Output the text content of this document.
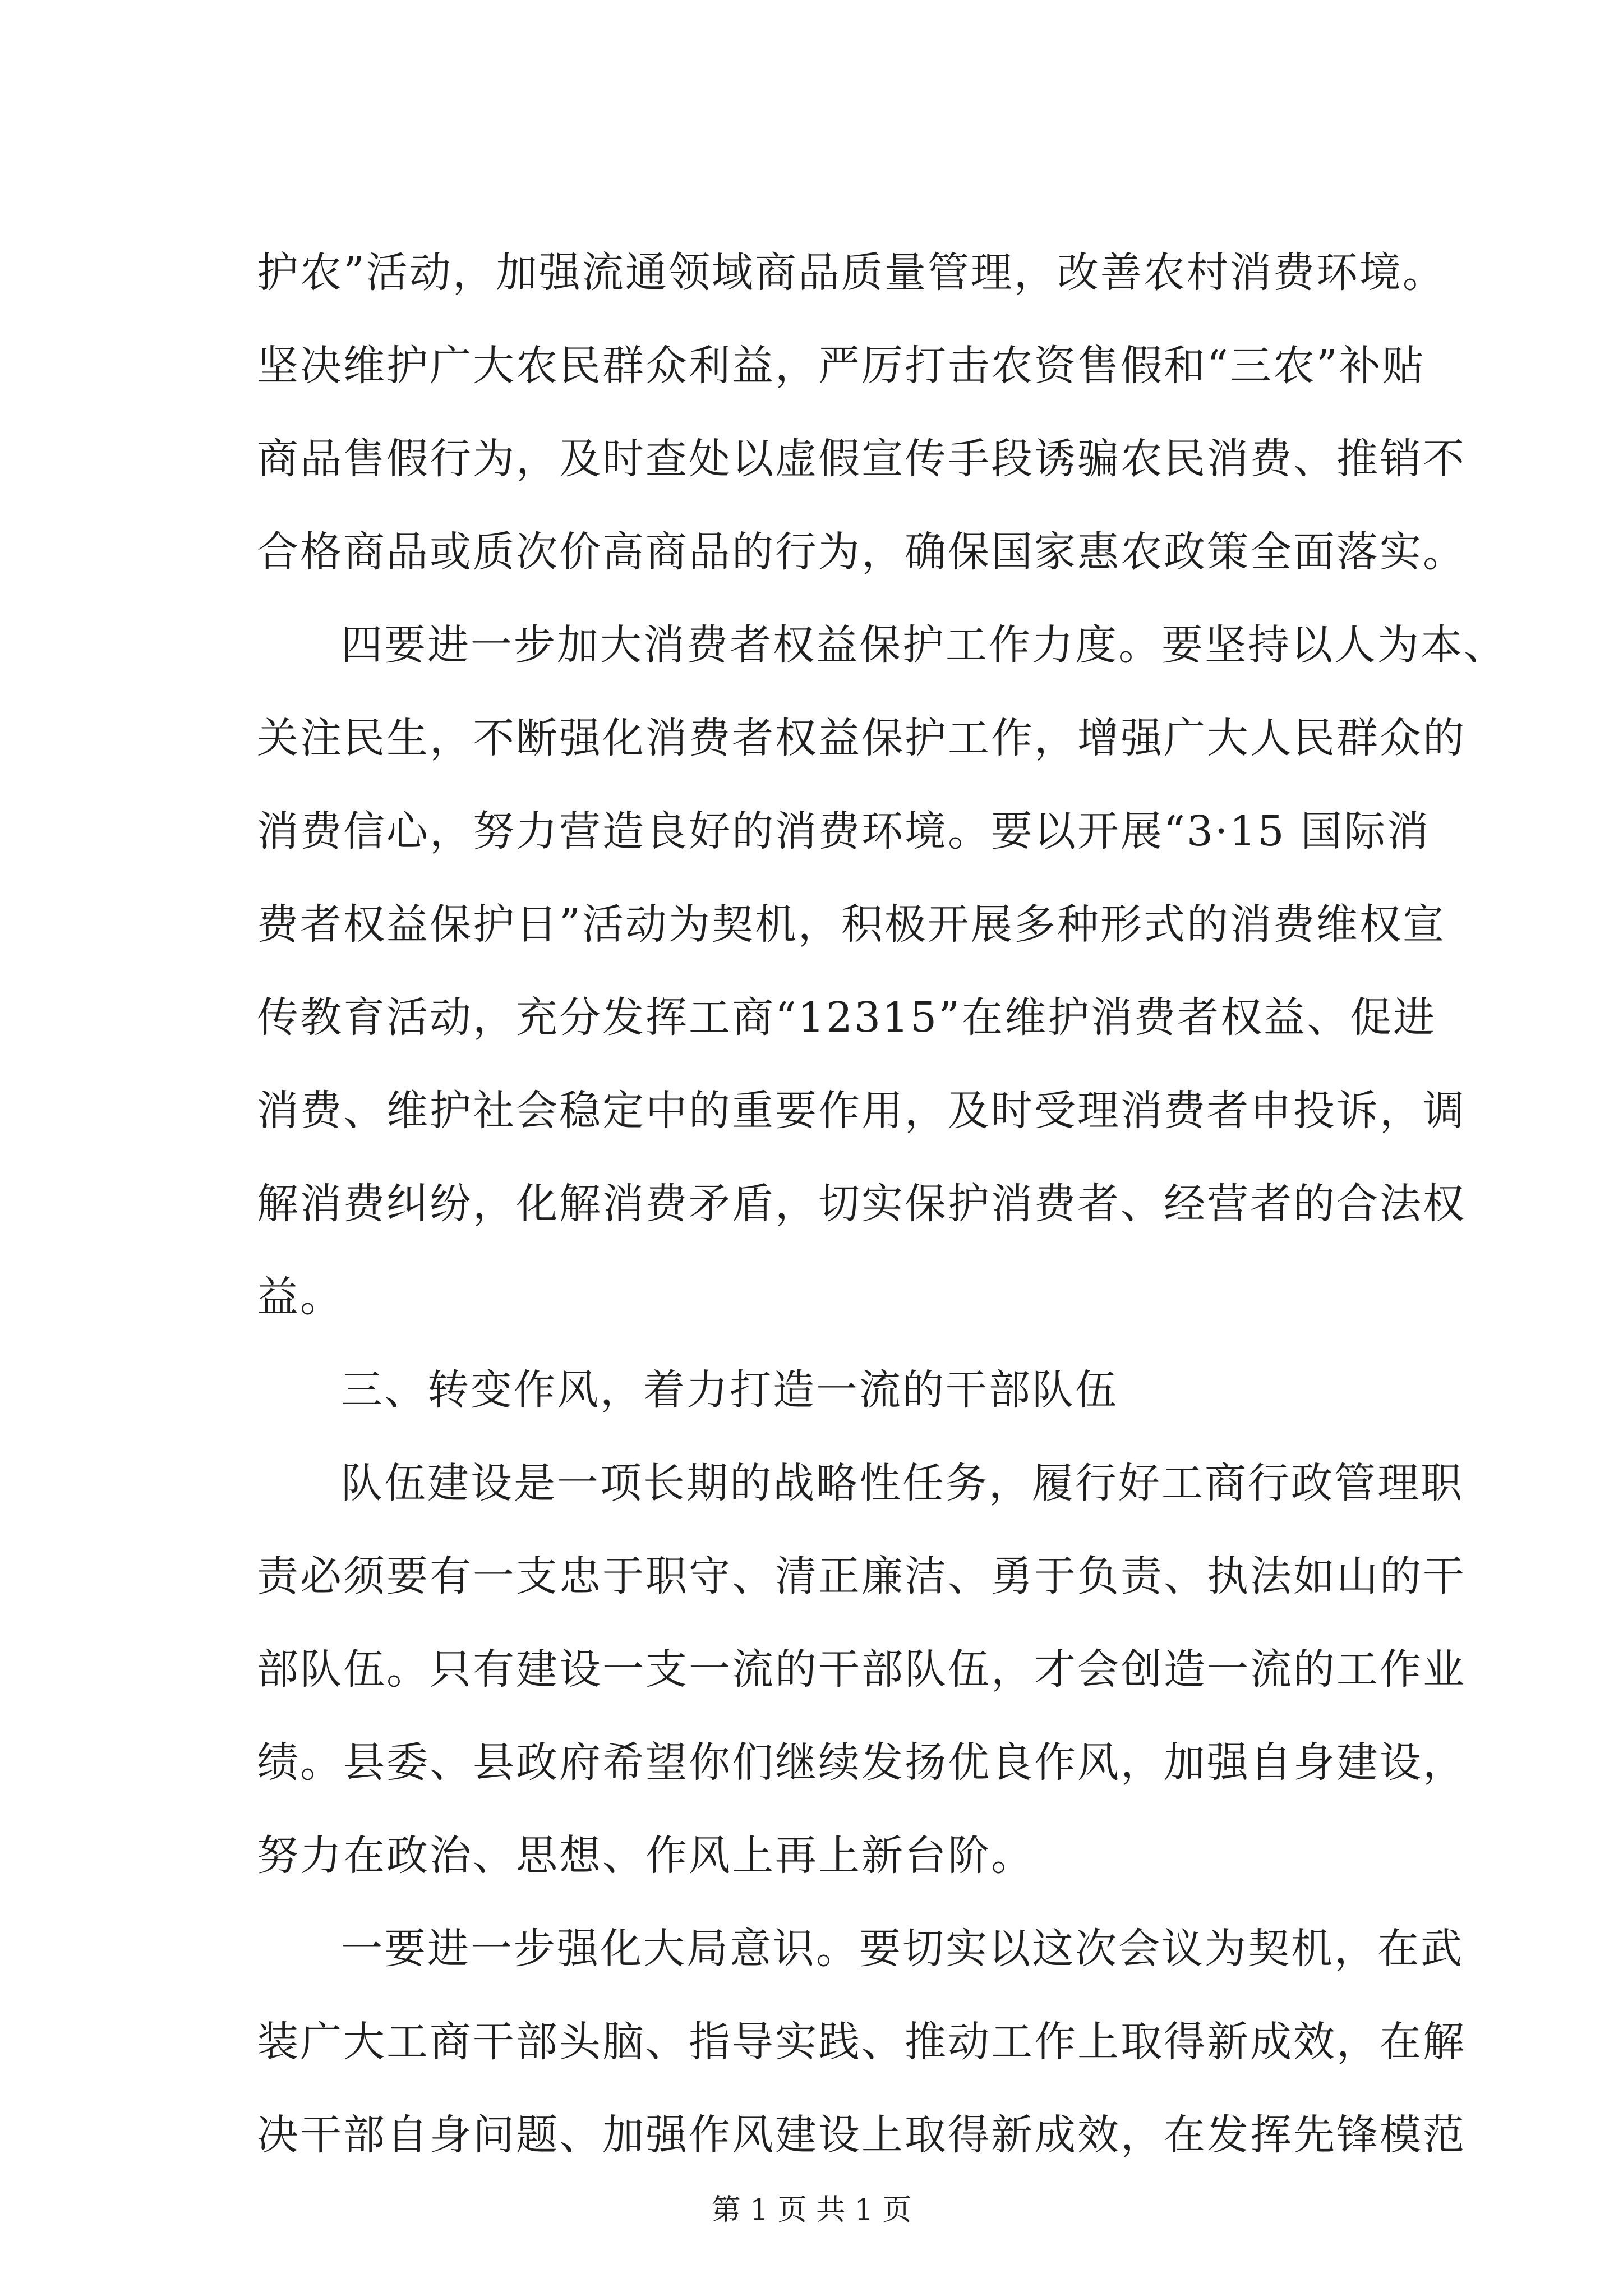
护农”活动，加强流通领域商品质量管理，改善农村消费环境。
坚决维护广大农民群众利益，严厉打击农资售假和“三农”补贴
商品售假行为，及时查处以虚假宣传手段诱骗农民消费、推销不
合格商品或质次价高商品的行为，确保国家惠农政策全面落实。
四要进一步加大消费者权益保护工作力度。要坚持以人为本、
关注民生，不断强化消费者权益保护工作，增强广大人民群众的
消费信心，努力营造良好的消费环境。要以开展“3·15 国际消
费者权益保护日”活动为契机，积极开展多种形式的消费维权宣
传教育活动，充分发挥工商“12315”在维护消费者权益、促进
消费、维护社会稳定中的重要作用，及时受理消费者申投诉，调
解消费纠纷，化解消费矛盾，切实保护消费者、经营者的合法权
益。
三、转变作风，着力打造一流的干部队伍
队伍建设是一项长期的战略性任务，履行好工商行政管理职
责必须要有一支忠于职守、清正廉洁、勇于负责、执法如山的干
部队伍。只有建设一支一流的干部队伍，才会创造一流的工作业
绩。县委、县政府希望你们继续发扬优良作风，加强自身建设，
努力在政治、思想、作风上再上新台阶。
一要进一步强化大局意识。要切实以这次会议为契机，在武
装广大工商干部头脑、指导实践、推动工作上取得新成效，在解
决干部自身问题、加强作风建设上取得新成效，在发挥先锋模范
第 1 页 共 1 页
